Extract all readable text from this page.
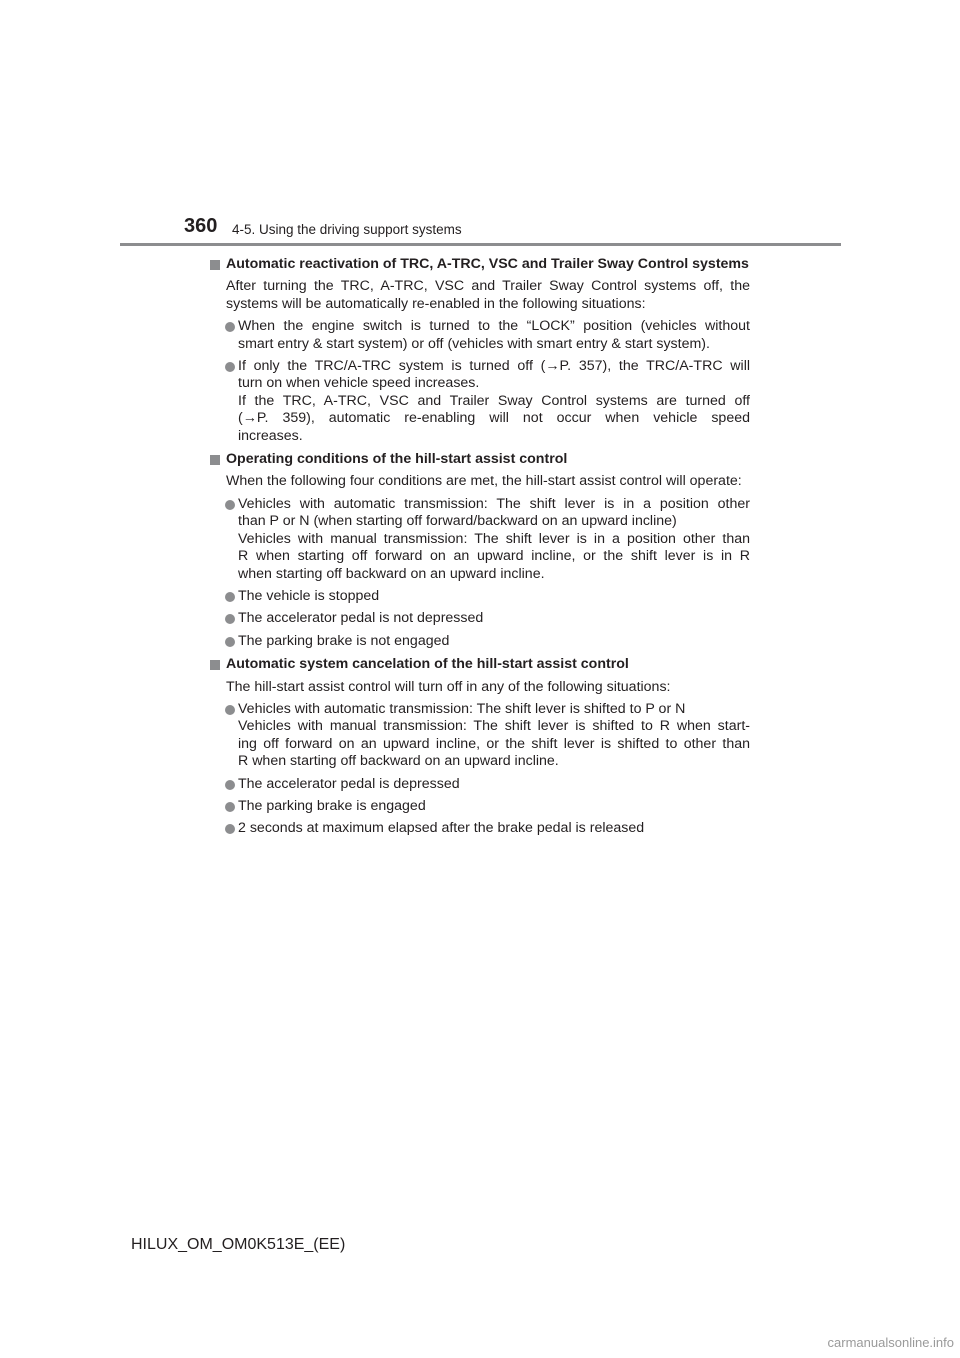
360 4-5. Using the driving support systems
Automatic reactivation of TRC, A-TRC, VSC and Trailer Sway Control systems
After turning the TRC, A-TRC, VSC and Trailer Sway Control systems off, the systems will be automatically re-enabled in the following situations:
When the engine switch is turned to the “LOCK” position (vehicles without
smart entry & start system) or off (vehicles with smart entry & start system).
If only the TRC/A-TRC system is turned off (→P. 357), the TRC/A-TRC will
turn on when vehicle speed increases.
If the TRC, A-TRC, VSC and Trailer Sway Control systems are turned off
(→P. 359), automatic re-enabling will not occur when vehicle speed
increases.
Operating conditions of the hill-start assist control
When the following four conditions are met, the hill-start assist control will operate:
Vehicles with automatic transmission: The shift lever is in a position other
than P or N (when starting off forward/backward on an upward incline)
Vehicles with manual transmission: The shift lever is in a position other than
R when starting off forward on an upward incline, or the shift lever is in R
when starting off backward on an upward incline.
The vehicle is stopped
The accelerator pedal is not depressed
The parking brake is not engaged
Automatic system cancelation of the hill-start assist control
The hill-start assist control will turn off in any of the following situations:
Vehicles with automatic transmission: The shift lever is shifted to P or N
Vehicles with manual transmission: The shift lever is shifted to R when start-
ing off forward on an upward incline, or the shift lever is shifted to other than
R when starting off backward on an upward incline.
The accelerator pedal is depressed
The parking brake is engaged
2 seconds at maximum elapsed after the brake pedal is released
HILUX_OM_OM0K513E_(EE)
carmanualsonline.info
